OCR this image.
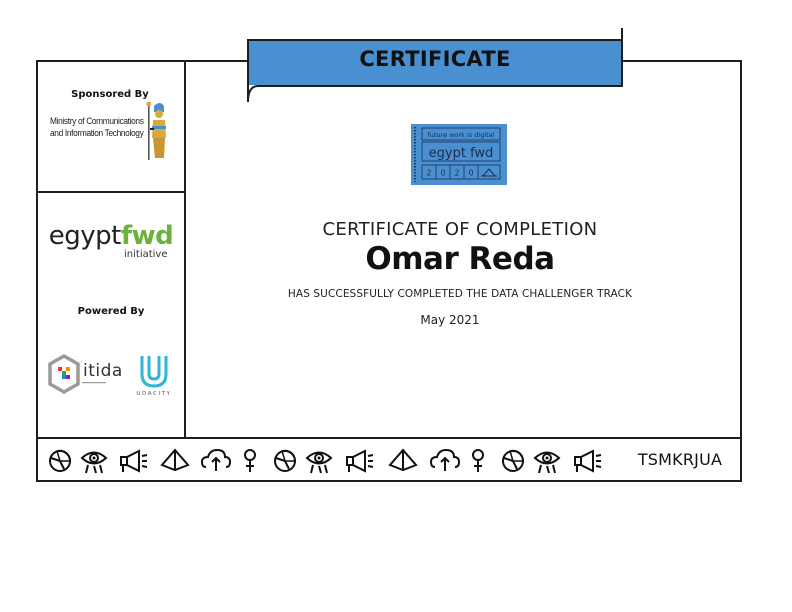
Sponsored By
Ministry of Communications
and Information Technology
egyptfwd
initiative
Powered By
itida
UDACITY
CERTIFICATE
future work is digital
egypt fwd
2 0 2 0
CERTIFICATE OF COMPLETION
Omar Reda
HAS SUCCESSFULLY COMPLETED THE DATA CHALLENGER TRACK
May 2021
TSMKRJUA
